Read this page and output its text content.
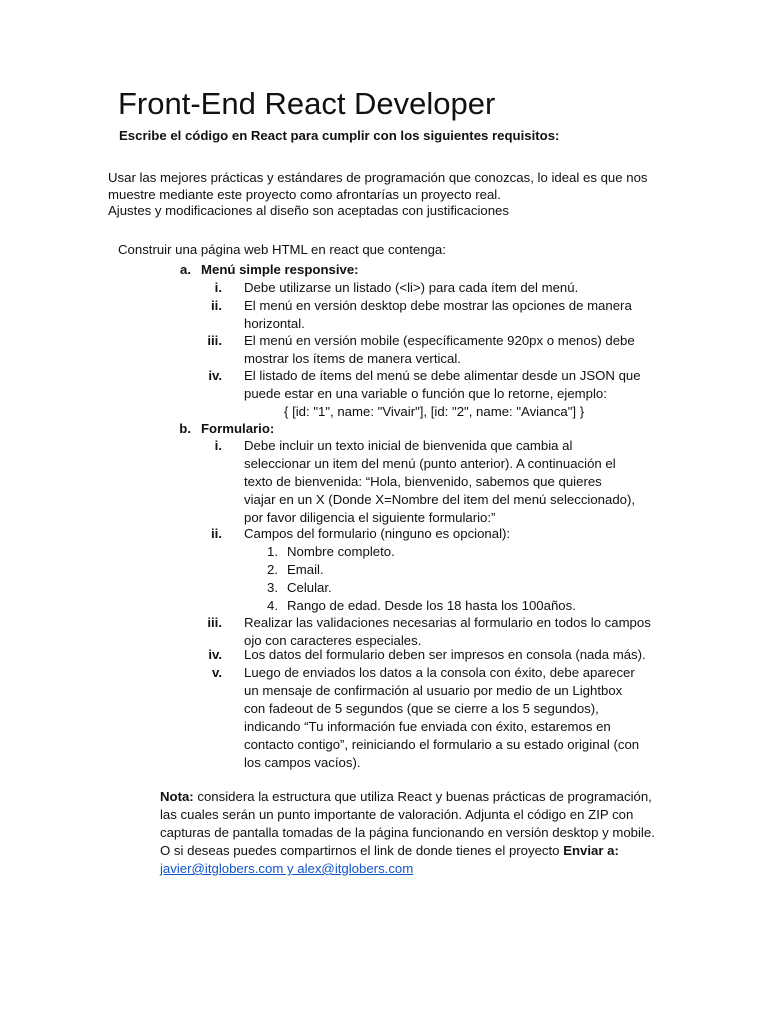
Front-End React Developer
Escribe el código en React para cumplir con los siguientes requisitos:

Usar las mejores prácticas y estándares de programación que conozcas, lo ideal es que nos

muestre mediante este proyecto como afrontarías un proyecto real.

Ajustes y modificaciones al diseño son aceptadas con justificaciones

Construir una página web HTML en react que contenga:
a. Menú simple responsive:
i. Debe utilizarse un listado (<li>) para cada ítem del menú.
ii. El menú en versión desktop debe mostrar las opciones de manera horizontal.
iii. El menú en versión mobile (específicamente 920px o menos) debe mostrar los ítems de manera vertical.
iv. El listado de ítems del menú se debe alimentar desde un JSON que puede estar en una variable o función que lo retorne, ejemplo:
{ [id: "1", name: "Vivair"], [id: "2", name: "Avianca"] }
b. Formulario:
i. Debe incluir un texto inicial de bienvenida que cambia al seleccionar un item del menú (punto anterior). A continuación el texto de bienvenida: “Hola, bienvenido, sabemos que quieres viajar en un X (Donde X=Nombre del item del menú seleccionado), por favor diligencia el siguiente formulario:”
ii. Campos del formulario (ninguno es opcional):
1. Nombre completo.
2. Email.
3. Celular.
4. Rango de edad. Desde los 18 hasta los 100años.
iii. Realizar las validaciones necesarias al formulario en todos lo campos ojo con caracteres especiales.
iv. Los datos del formulario deben ser impresos en consola (nada más).
v. Luego de enviados los datos a la consola con éxito, debe aparecer un mensaje de confirmación al usuario por medio de un Lightbox con fadeout de 5 segundos (que se cierre a los 5 segundos), indicando “Tu información fue enviada con éxito, estaremos en contacto contigo”, reiniciando el formulario a su estado original (con los campos vacíos).
Nota: considera la estructura que utiliza React y buenas prácticas de programación, las cuales serán un punto importante de valoración. Adjunta el código en ZIP con capturas de pantalla tomadas de la página funcionando en versión desktop y mobile. O si deseas puedes compartirnos el link de donde tienes el proyecto Enviar a:
javier@itglobers.com y alex@itglobers.com
